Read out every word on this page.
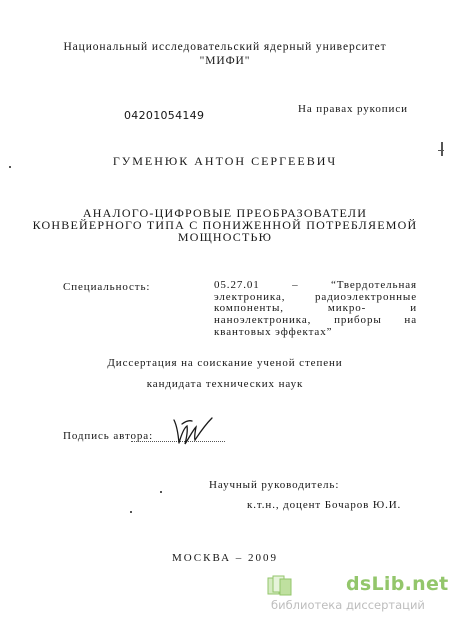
Национальный исследовательский ядерный университет
"МИФИ"
04201054149	На правах рукописи
ГУМЕНЮК АНТОН СЕРГЕЕВИЧ
АНАЛОГО-ЦИФРОВЫЕ ПРЕОБРАЗОВАТЕЛИ
КОНВЕЙЕРНОГО ТИПА С ПОНИЖЕННОЙ ПОТРЕБЛЯЕМОЙ
МОЩНОСТЬЮ
Специальность:	05.27.01 – “Твердотельная электроника, радиоэлектронные компоненты, микро- и наноэлектроника, приборы на квантовых эффектах”
Диссертация на соискание ученой степени
кандидата технических наук
Подпись автора:
Научный руководитель:
к.т.н., доцент Бочаров Ю.И.
МОСКВА – 2009
dsLib.net
библиотека диссертаций
